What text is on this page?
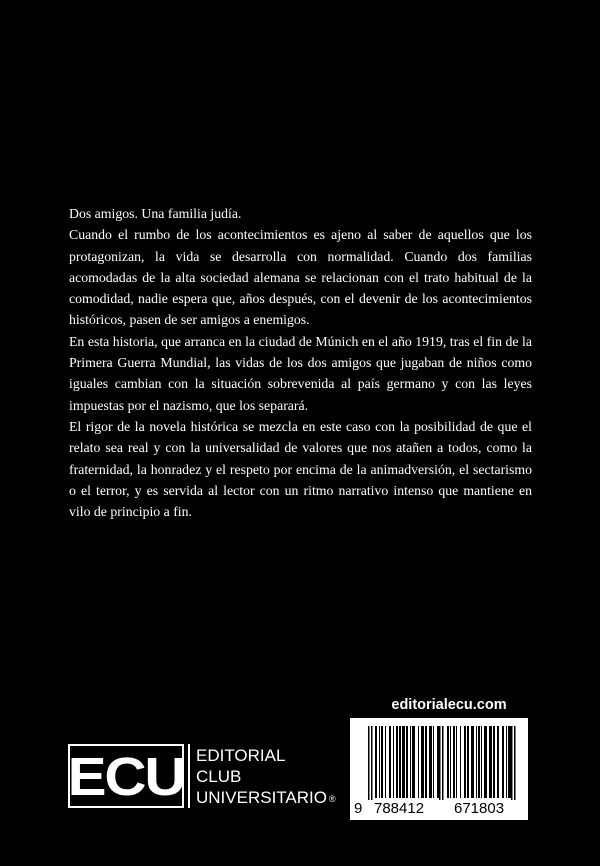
Dos amigos. Una familia judía.

Cuando el rumbo de los acontecimientos es ajeno al saber de aquellos que los protagonizan, la vida se desarrolla con normalidad. Cuando dos familias acomodadas de la alta sociedad alemana se relacionan con el trato habitual de la comodidad, nadie espera que, años después, con el devenir de los acontecimientos históricos, pasen de ser amigos a enemigos.

En esta historia, que arranca en la ciudad de Múnich en el año 1919, tras el fin de la Primera Guerra Mundial, las vidas de los dos amigos que jugaban de niños como iguales cambian con la situación sobrevenida al país germano y con las leyes impuestas por el nazismo, que los separará.

El rigor de la novela histórica se mezcla en este caso con la posibilidad de que el relato sea real y con la universalidad de valores que nos atañen a todos, como la fraternidad, la honradez y el respeto por encima de la animadversión, el sectarismo o el terror, y es servida al lector con un ritmo narrativo intenso que mantiene en vilo de principio a fin.

editorialecu.com
9 788412 671803
ECU EDITORIAL
CLUB
UNIVERSITARIO ®
